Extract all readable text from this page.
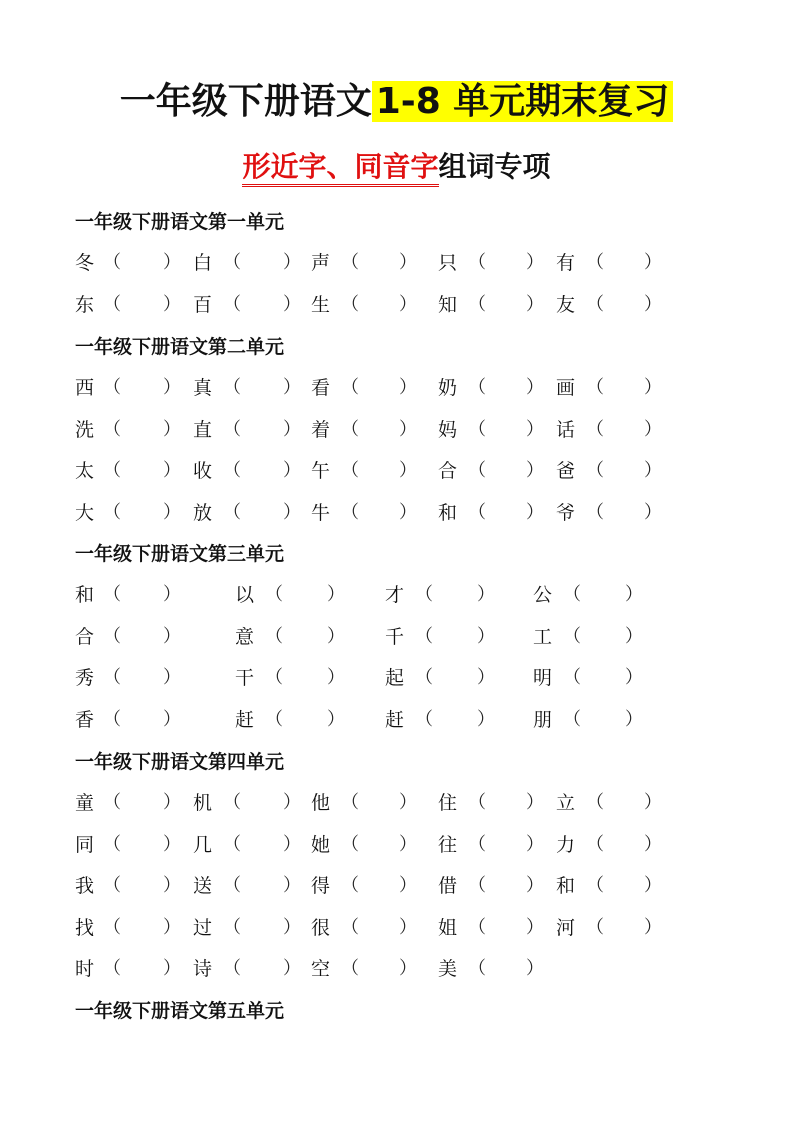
一年级下册语文 1-8 单元期末复习
形近字、同音字组词专项
一年级下册语文第一单元
冬 （ ） 白 （ ） 声 （ ） 只 （ ） 有 （ ）
东 （ ） 百 （ ） 生 （ ） 知 （ ） 友 （ ）
一年级下册语文第二单元
西 （ ） 真 （ ） 看 （ ） 奶 （ ） 画 （ ）
洗 （ ） 直 （ ） 着 （ ） 妈 （ ） 话 （ ）
太 （ ） 收 （ ） 午 （ ） 合 （ ） 爸 （ ）
大 （ ） 放 （ ） 牛 （ ） 和 （ ） 爷 （ ）
一年级下册语文第三单元
和 （ ）	以 （ ） 才 （ ） 公 （ ）
合 （ ）	意 （ ） 千 （ ） 工 （ ）
秀 （ ）	干 （ ） 起 （ ） 明 （ ）
香 （ ）	赶 （ ） 赶 （ ） 朋 （ ）
一年级下册语文第四单元
童 （ ） 机 （ ） 他 （ ） 住 （ ） 立 （ ）
同 （ ） 几 （ ） 她 （ ） 往 （ ） 力 （ ）
我 （ ） 送 （ ） 得 （ ） 借 （ ） 和 （ ）
找 （ ） 过 （ ） 很 （ ） 姐 （ ） 河 （ ）
时 （ ） 诗 （ ） 空 （ ） 美 （ ）
一年级下册语文第五单元
